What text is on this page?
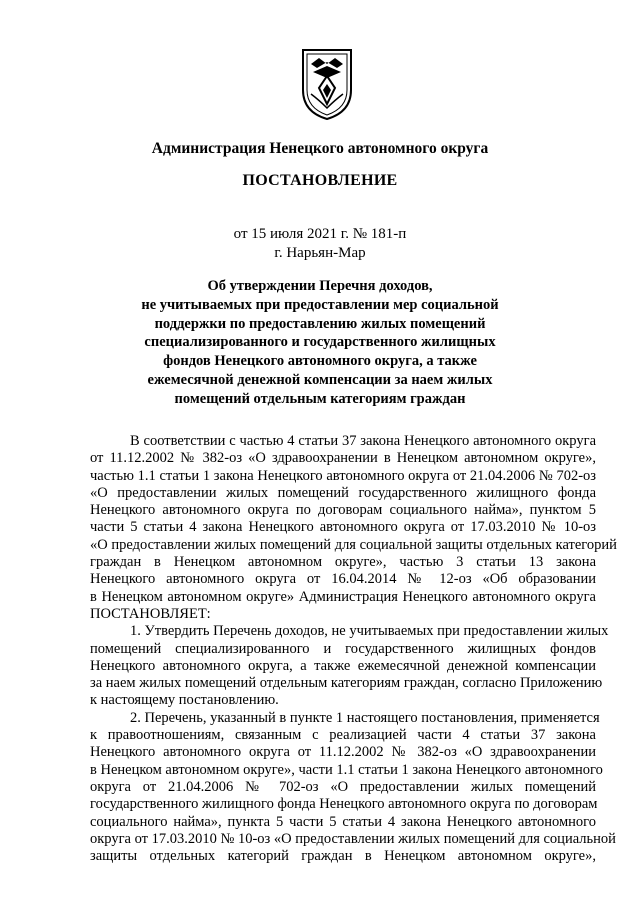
Администрация Ненецкого автономного округа
ПОСТАНОВЛЕНИЕ
от 15 июля 2021 г. № 181-п
г. Нарьян-Мар
Об утверждении Перечня доходов,
не учитываемых при предоставлении мер социальной
поддержки по предоставлению жилых помещений
специализированного и государственного жилищных
фондов Ненецкого автономного округа, а также
ежемесячной денежной компенсации за наем жилых
помещений отдельным категориям граждан
В соответствии с частью 4 статьи 37 закона Ненецкого автономного округа
от 11.12.2002 № 382-оз «О здравоохранении в Ненецком автономном округе»,
частью 1.1 статьи 1 закона Ненецкого автономного округа от 21.04.2006 № 702-оз
«О предоставлении жилых помещений государственного жилищного фонда
Ненецкого автономного округа по договорам социального найма», пунктом 5
части 5 статьи 4 закона Ненецкого автономного округа от 17.03.2010 № 10-оз
«О предоставлении жилых помещений для социальной защиты отдельных категорий
граждан в Ненецком автономном округе», частью 3 статьи 13 закона
Ненецкого автономного округа от 16.04.2014 № 12-оз «Об образовании
в Ненецком автономном округе» Администрация Ненецкого автономного округа
ПОСТАНОВЛЯЕТ:
1. Утвердить Перечень доходов, не учитываемых при предоставлении жилых
помещений специализированного и государственного жилищных фондов
Ненецкого автономного округа, а также ежемесячной денежной компенсации
за наем жилых помещений отдельным категориям граждан, согласно Приложению
к настоящему постановлению.
2. Перечень, указанный в пункте 1 настоящего постановления, применяется
к правоотношениям, связанным с реализацией части 4 статьи 37 закона
Ненецкого автономного округа от 11.12.2002 № 382-оз «О здравоохранении
в Ненецком автономном округе», части 1.1 статьи 1 закона Ненецкого автономного
округа от 21.04.2006 № 702-оз «О предоставлении жилых помещений
государственного жилищного фонда Ненецкого автономного округа по договорам
социального найма», пункта 5 части 5 статьи 4 закона Ненецкого автономного
округа от 17.03.2010 № 10-оз «О предоставлении жилых помещений для социальной
защиты отдельных категорий граждан в Ненецком автономном округе»,
